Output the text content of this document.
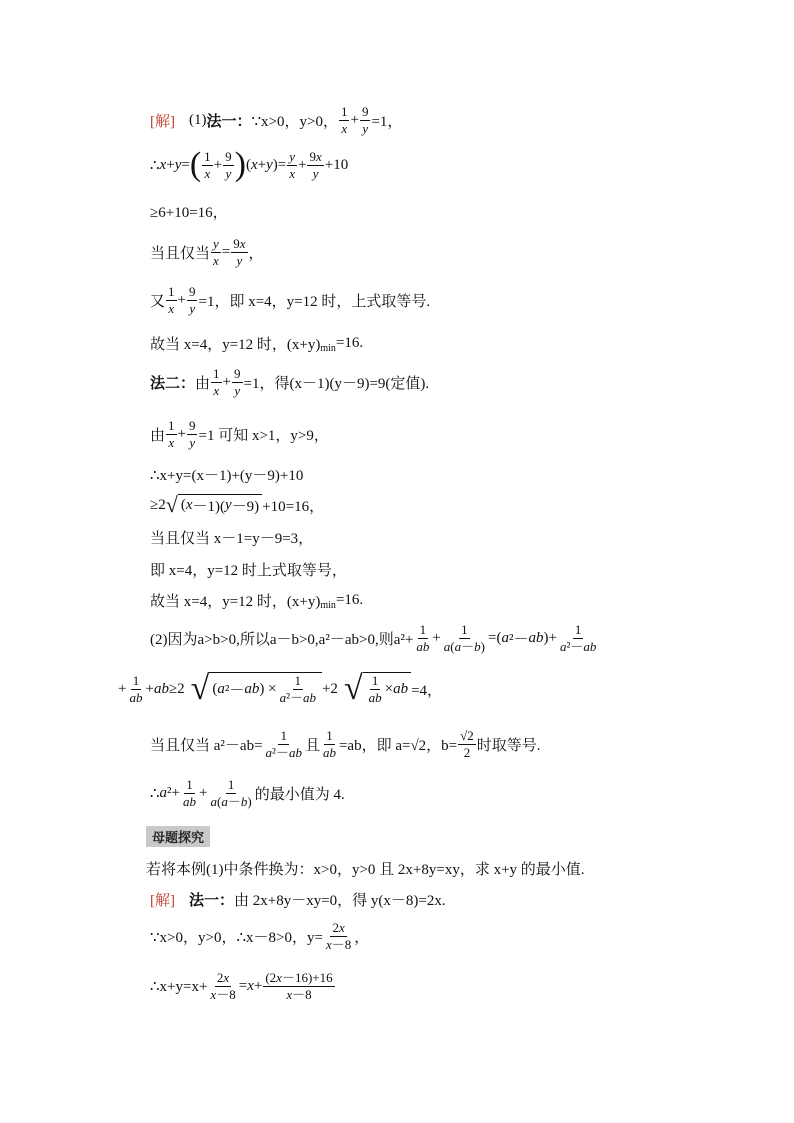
[解] (1) 法一： ∵x>0，y>0， $\frac{1}{x} + \frac{9}{y} =1$，
∴ x + y = ( $\frac{1}{x} + \frac{9}{y}$ ) ( x + y )= $\frac{y}{x} + \frac{9x}{y} +10$
≥6+10=16，
当且仅当 $\frac{y}{x} = \frac{9x}{y}$ ，
又 $\frac{1}{x} + \frac{9}{y} =1$，即 x=4，y=12 时，上式取等号.
故当 x=4，y=12 时，(x+y) min =16.
法二： 由 $\frac{1}{x} + \frac{9}{y} =1$，得(x－1)(y－9)=9(定值).
由 $\frac{1}{x} + \frac{9}{y} =1$ 可知 x>1，y>9，
∴x+y=(x－1)+(y－9)+10
≥2 √ ( x －1)( y －9) +10=16，
当且仅当 x－1=y－9=3，
即 x=4，y=12 时上式取等号，
故当 x=4，y=12 时，(x+y) min =16.
(2)因为a>b>0,所以a－b>0,a²－ab>0,则$a^2+ \frac{1}{ab} + \frac{1}{a(a-b)}$ =( a ²－ ab )+ $\frac{1}{\text{a²－ab}}$
+ $\frac{1}{ab}$ + ab ≥2 √ ( a ²－ ab ) × $\frac{1}{\text{a²－ab}} +2$ √ $\frac{1}{ab}$ × ab =4，
当且仅当 $a^2-ab= \frac{1}{\text{a²－ab}}$ 且 $\frac{1}{ab} =ab$，即 a=√2，$b= \frac{√2}{2}$ 时取等号.
∴ a $^2+ \frac{1}{ab} + \frac{1}{a(a-b)}$ 的最小值为 4.
母题探究
若将本例(1)中条件换为：x>0，y>0 且 2x+8y=xy，求 x+y 的最小值.
[解] 法一： 由 2x+8y－xy=0，得 y(x－8)=2x.
∵x>0，y>0，∴x－8>0，$y= \frac{2x}{x-8}$ ，
∴x+y=x+ $\frac{2x}{x-8} = x + \frac{(2x-16)+16}{x-8}$
